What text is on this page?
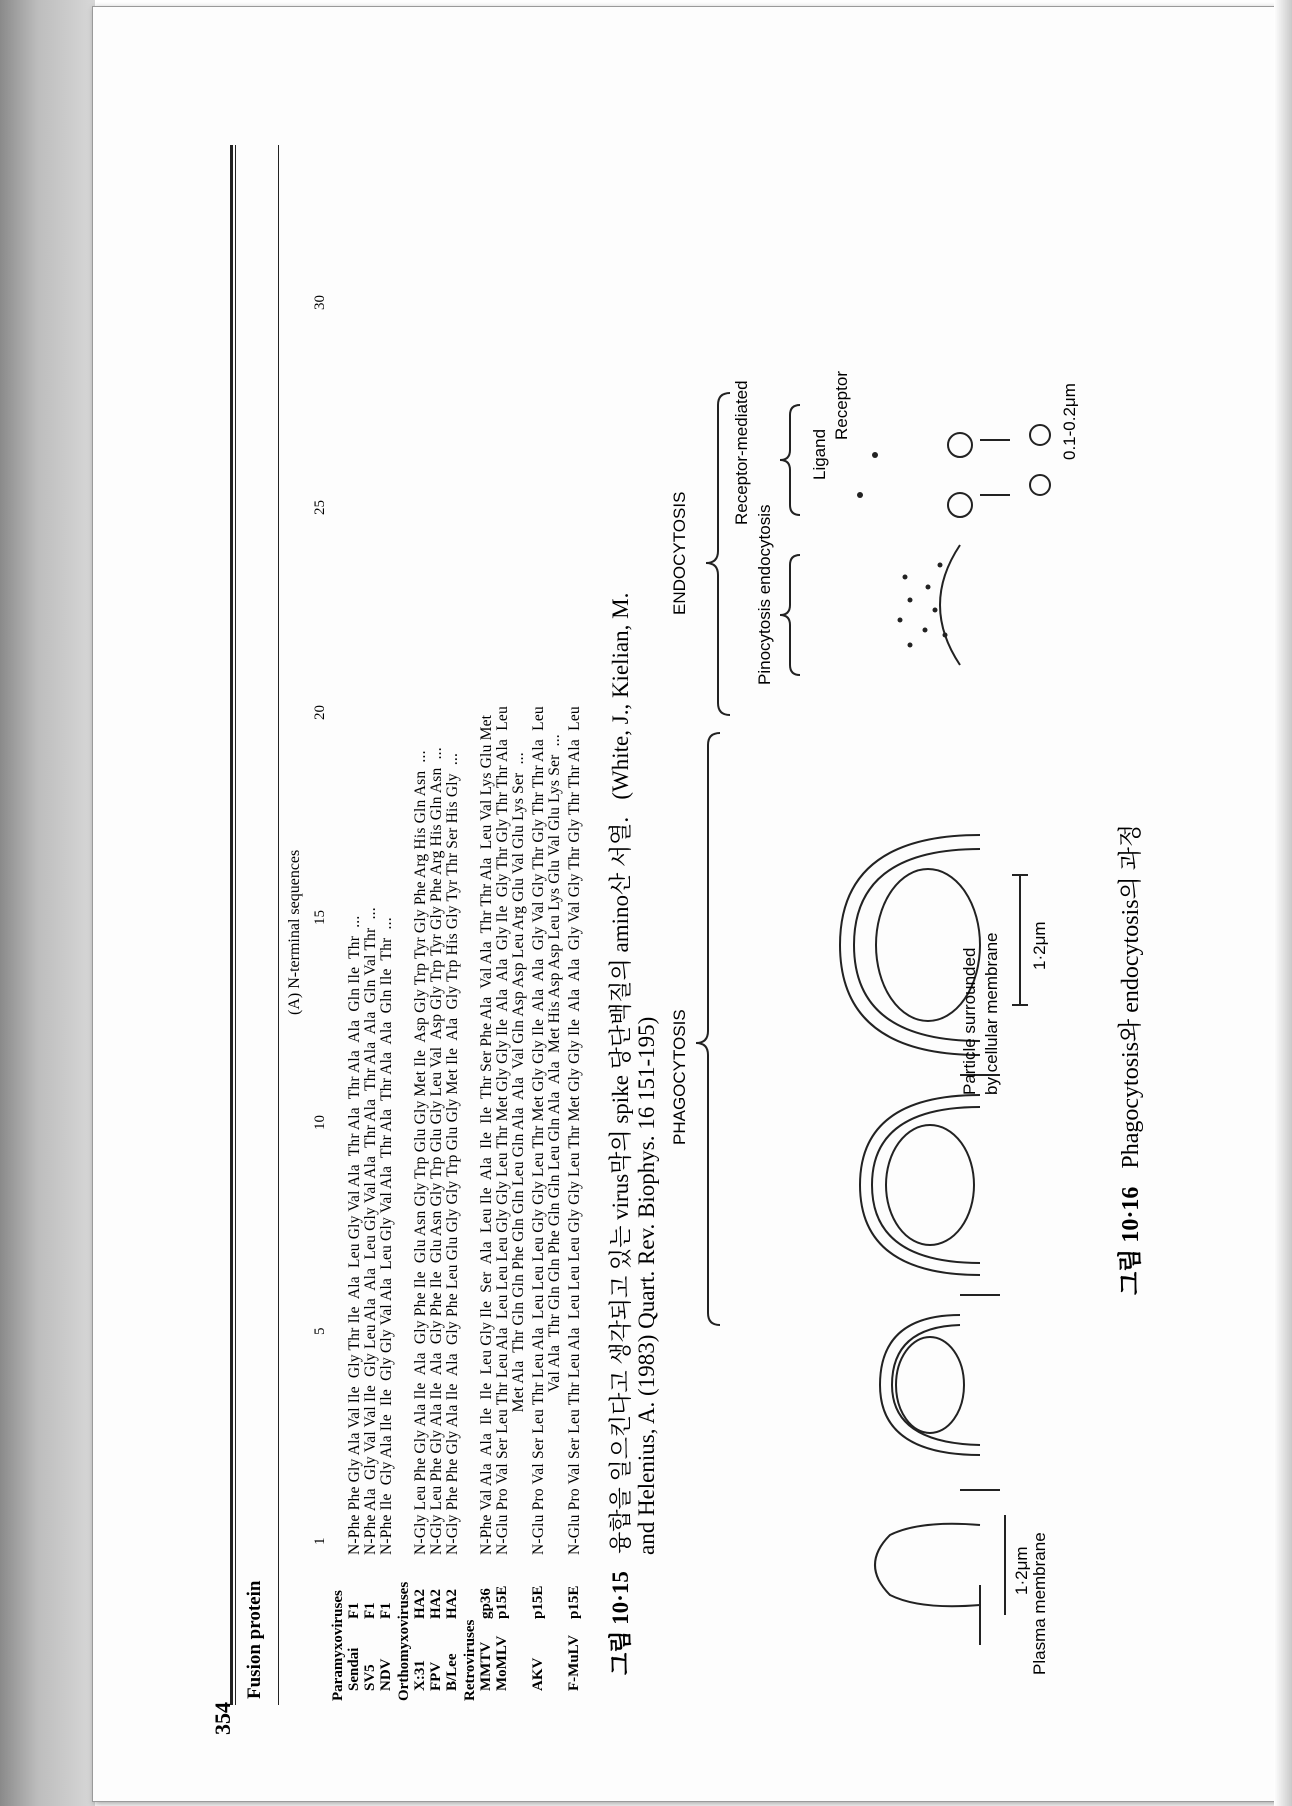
354
Fusion protein
(A) N-terminal sequences
1
5
10
15
20
25
30
Paramyxoviruses Sendai
F1
N-Phe Phe Gly Ala Val Ile  Gly Thr Ile  Ala  Leu Gly Val Ala  Thr Ala  Thr Ala  Ala  Gln Ile  Thr  ...
SV5
F1
N-Phe Ala  Gly Val Val Ile  Gly Leu Ala  Ala  Leu Gly Val Ala  Thr Ala  Thr Ala  Ala  Gln Val Thr  ...
NDV
F1
N-Phe Ile  Gly Ala Ile  Ile  Gly Gly Val Ala  Leu Gly Val Ala  Thr Ala  Thr Ala  Ala  Gln Ile  Thr  ...
Orthomyxoviruses X:31
HA2
N-Gly Leu Phe Gly Ala Ile  Ala  Gly Phe Ile  Glu Asn Gly Trp Glu Gly Met Ile  Asp Gly Trp Tyr Gly Phe Arg His Gln Asn  ...
FPV
HA2
N-Gly Leu Phe Gly Ala Ile  Ala  Gly Phe Ile  Glu Asn Gly Trp Glu Gly Leu Val  Asp Gly Trp Tyr Gly Phe Arg His Gln Asn  ...
B/Lee
HA2
N-Gly Phe Phe Gly Ala Ile  Ala  Gly Phe Leu Glu Gly Gly Trp Glu Gly Met Ile  Ala  Gly Trp His Gly Tyr Thr Ser His Gly  ...
Retroviruses MMTV
gp36
N-Phe Val Ala  Ala  Ile  Ile  Leu Gly Ile  Ser  Ala  Leu Ile  Ala  Ile  Ile  Thr Ser Phe Ala  Val Ala  Thr Thr Ala  Leu Val Lys Glu Met
MoMLV
p15E
N-Glu Pro Val Ser Leu Thr Leu Ala  Leu Leu Leu Gly Gly Leu Thr Met Gly Gly Ile  Ala  Ala  Gly Ile  Gly Thr Gly Thr Thr Ala  Leu Met Ala  Thr Gln Gln Phe Gln Gln Leu Gln Ala  Ala  Val Gln Asp Asp Leu Arg Glu Val Glu Lys Ser  ...
AKV
p15E
N-Glu Pro Val Ser Leu Thr Leu Ala  Leu Leu Leu Gly Gly Leu Thr Met Gly Gly Ile  Ala  Ala  Gly Val Gly Thr Gly Thr Thr Ala  Leu Val Ala  Thr Gln Gln Phe Gln Gln Leu Gln Ala  Ala  Met His Asp Asp Leu Lys Glu Val Glu Lys Ser  ...
F-MuLV
p15E
N-Glu Pro Val Ser Leu Thr Leu Ala  Leu Leu Leu Gly Gly Leu Thr Met Gly Gly Ile  Ala  Ala  Gly Val Gly Thr Gly Thr Thr Ala  Leu
그림 10·15   융합을 일으킨다고 생각되고 있는 virus막의 spike 당단백질의 amino산 서열.   (White, J., Kielian, M.
and Helenius, A. (1983) Quart. Rev. Biophys. 16 151-195) PHAGOCYTOSIS
ENDOCYTOSIS	Pinocytosis endocytosis
Receptor-mediated	Ligand
Receptor
Plasma membrane
Particle surrounded by cellular membrane
1·2μm
1·2μm
0.1-0.2μm
그림 10·16   Phagocytosis와 endocytosis의 과정
